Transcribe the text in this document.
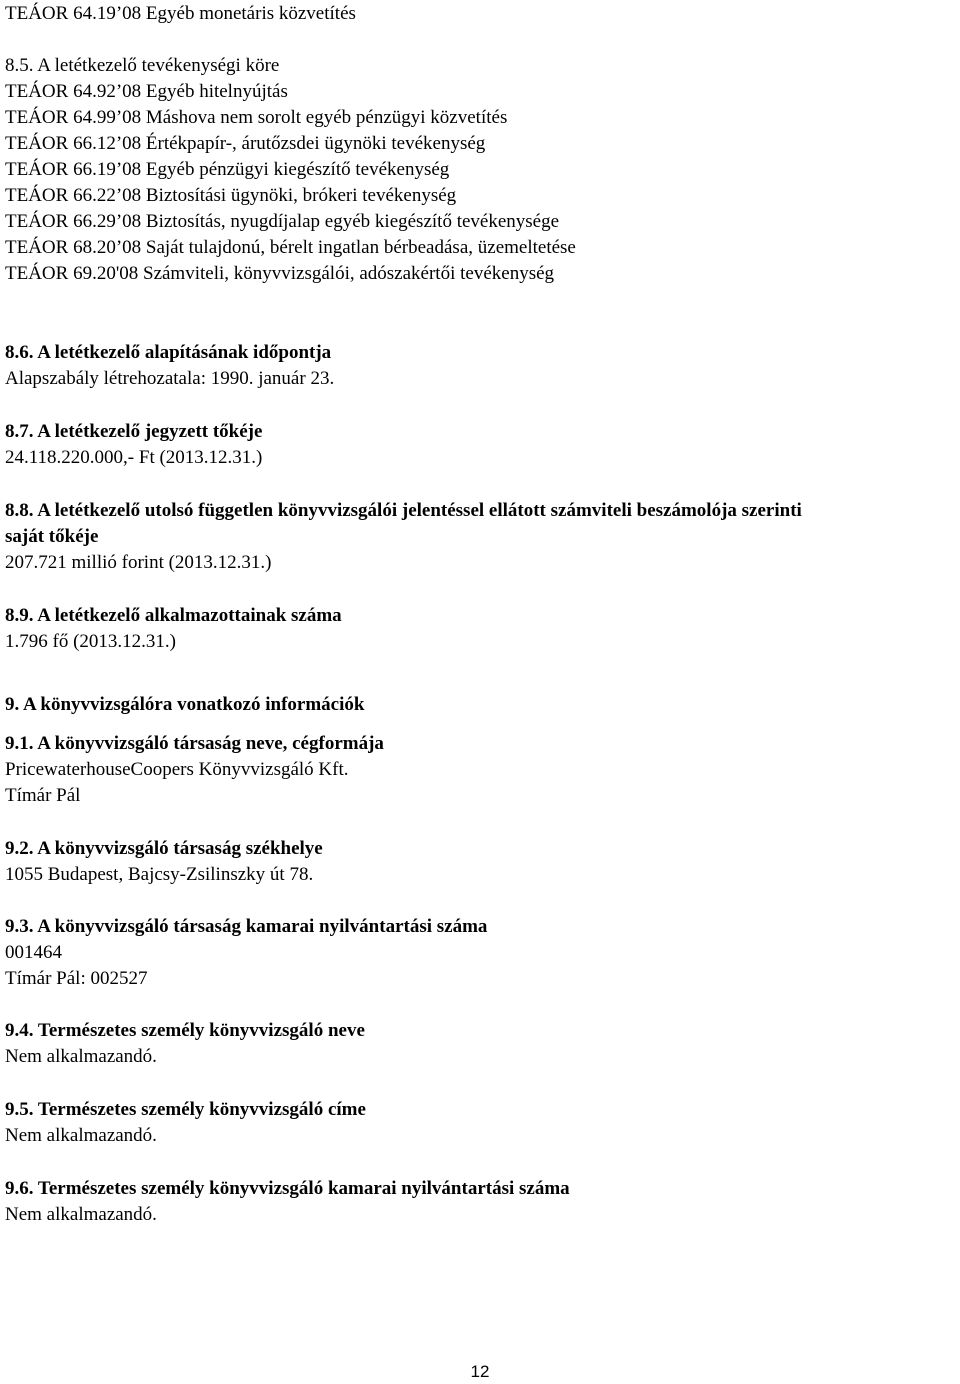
TEÁOR 64.19’08 Egyéb monetáris közvetítés

8.5. A letétkezelő tevékenységi köre

TEÁOR 64.92’08 Egyéb hitelnyújtás

TEÁOR 64.99’08 Máshova nem sorolt egyéb pénzügyi közvetítés

TEÁOR 66.12’08 Értékpapír-, árutőzsdei ügynöki tevékenység

TEÁOR 66.19’08 Egyéb pénzügyi kiegészítő tevékenység

TEÁOR 66.22’08 Biztosítási ügynöki, brókeri tevékenység

TEÁOR 66.29’08 Biztosítás, nyugdíjalap egyéb kiegészítő tevékenysége

TEÁOR 68.20’08 Saját tulajdonú, bérelt ingatlan bérbeadása, üzemeltetése

TEÁOR 69.20'08 Számviteli, könyvvizsgálói, adószakértői tevékenység

8.6. A letétkezelő alapításának időpontja

Alapszabály létrehozatala: 1990. január 23.

8.7. A letétkezelő jegyzett tőkéje

24.118.220.000,- Ft (2013.12.31.)

8.8. A letétkezelő utolsó független könyvvizsgálói jelentéssel ellátott számviteli beszámolója szerinti

saját tőkéje

207.721 millió forint (2013.12.31.)

8.9. A letétkezelő alkalmazottainak száma

1.796 fő (2013.12.31.)

9. A könyvvizsgálóra vonatkozó információk

9.1. A könyvvizsgáló társaság neve, cégformája

PricewaterhouseCoopers Könyvvizsgáló Kft.

Tímár Pál

9.2. A könyvvizsgáló társaság székhelye

1055 Budapest, Bajcsy-Zsilinszky út 78.

9.3. A könyvvizsgáló társaság kamarai nyilvántartási száma

001464

Tímár Pál: 002527

9.4. Természetes személy könyvvizsgáló neve

Nem alkalmazandó.

9.5. Természetes személy könyvvizsgáló címe

Nem alkalmazandó.

9.6. Természetes személy könyvvizsgáló kamarai nyilvántartási száma

Nem alkalmazandó.

12
